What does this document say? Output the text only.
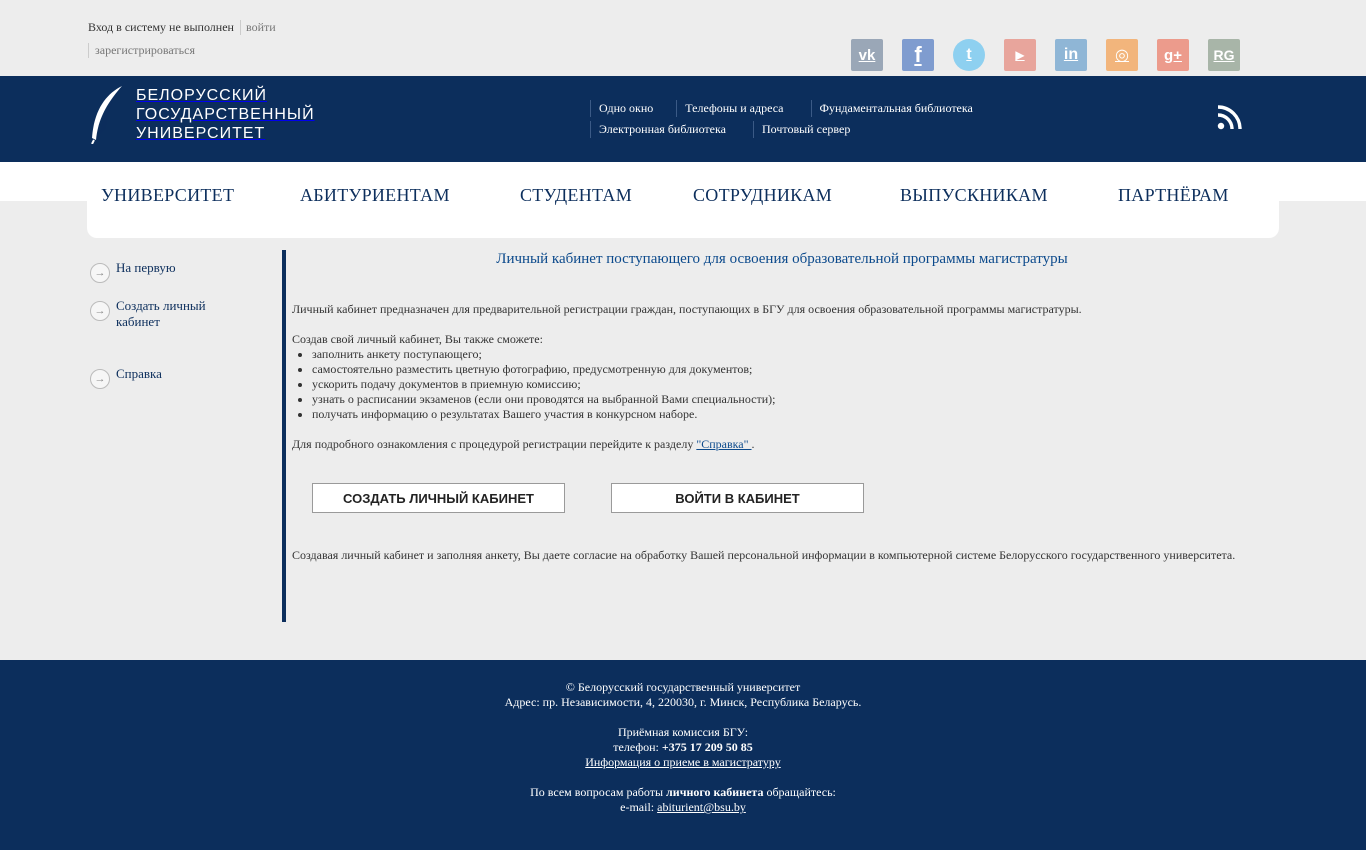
Вход в систему не выполнен	войти
зарегистрироваться	vk	f	t	▶	in	◎	g+	RG
БЕЛОРУССКИЙ
ГОСУДАРСТВЕННЫЙ
УНИВЕРСИТЕТ
Одно окно	Телефоны и адреса	Фундаментальная библиотека
Электронная библиотека	Почтовый сервер
УНИВЕРСИТЕТ	АБИТУРИЕНТАМ	СТУДЕНТАМ	СОТРУДНИКАМ	ВЫПУСКНИКАМ	ПАРТНЁРАМ
→ На первую
→ Создать личный кабинет
→ Справка
Личный кабинет поступающего для освоения образовательной программы магистратуры

Личный кабинет предназначен для предварительной регистрации граждан, поступающих в БГУ для освоения образовательной программы магистратуры.

Создав свой личный кабинет, Вы также сможете:

• заполнить анкету поступающего;
• самостоятельно разместить цветную фотографию, предусмотренную для документов;
• ускорить подачу документов в приемную комиссию;
• узнать о расписании экзаменов (если они проводятся на выбранной Вами специальности);
• получать информацию о результатах Вашего участия в конкурсном наборе.

Для подробного ознакомления с процедурой регистрации перейдите к разделу "Справка" .

СОЗДАТЬ ЛИЧНЫЙ КАБИНЕТ	ВОЙТИ В КАБИНЕТ

Создавая личный кабинет и заполняя анкету, Вы даете согласие на обработку Вашей персональной информации в компьютерной системе Белорусского государственного университета.

© Белорусский государственный университет
Адрес: пр. Независимости, 4, 220030, г. Минск, Республика Беларусь.
Приёмная комиссия БГУ:
телефон: +375 17 209 50 85
Информация о приеме в магистратуру
По всем вопросам работы личного кабинета обращайтесь:
e-mail: abiturient@bsu.by
